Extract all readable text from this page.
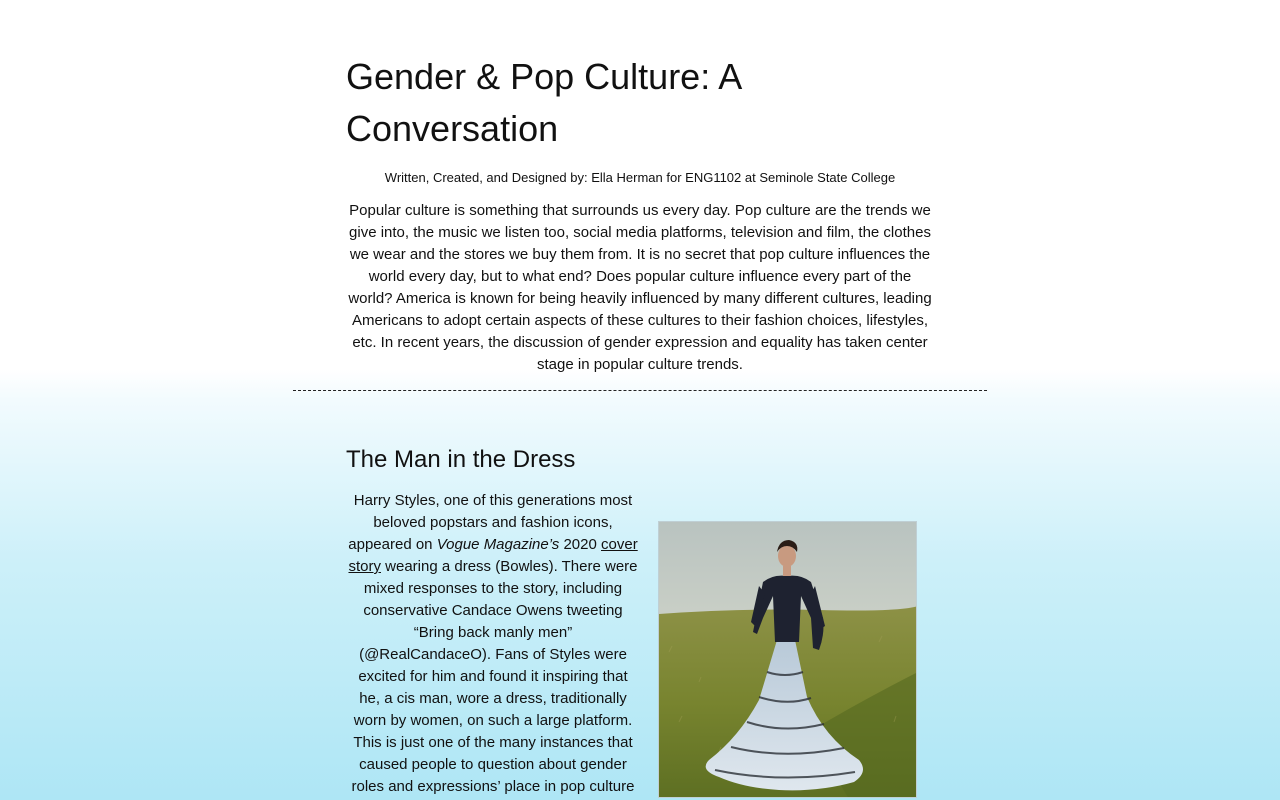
Gender & Pop Culture: A Conversation

Written, Created, and Designed by: Ella Herman for ENG1102 at Seminole State College

Popular culture is something that surrounds us every day. Pop culture are the trends we give into, the music we listen too, social media platforms, television and film, the clothes we wear and the stores we buy them from. It is no secret that pop culture influences the world every day, but to what end? Does popular culture influence every part of the world? America is known for being heavily influenced by many different cultures, leading Americans to adopt certain aspects of these cultures to their fashion choices, lifestyles, etc. In recent years, the discussion of gender expression and equality has taken center stage in popular culture trends.

The Man in the Dress

Harry Styles, one of this generations most beloved popstars and fashion icons, appeared on Vogue Magazine’s 2020 cover story wearing a dress (Bowles). There were mixed responses to the story, including conservative Candace Owens tweeting “Bring back manly men” (@RealCandaceO). Fans of Styles were excited for him and found it inspiring that he, a cis man, wore a dress, traditionally worn by women, on such a large platform. This is just one of the many instances that caused people to question about gender roles and expressions’ place in pop culture
